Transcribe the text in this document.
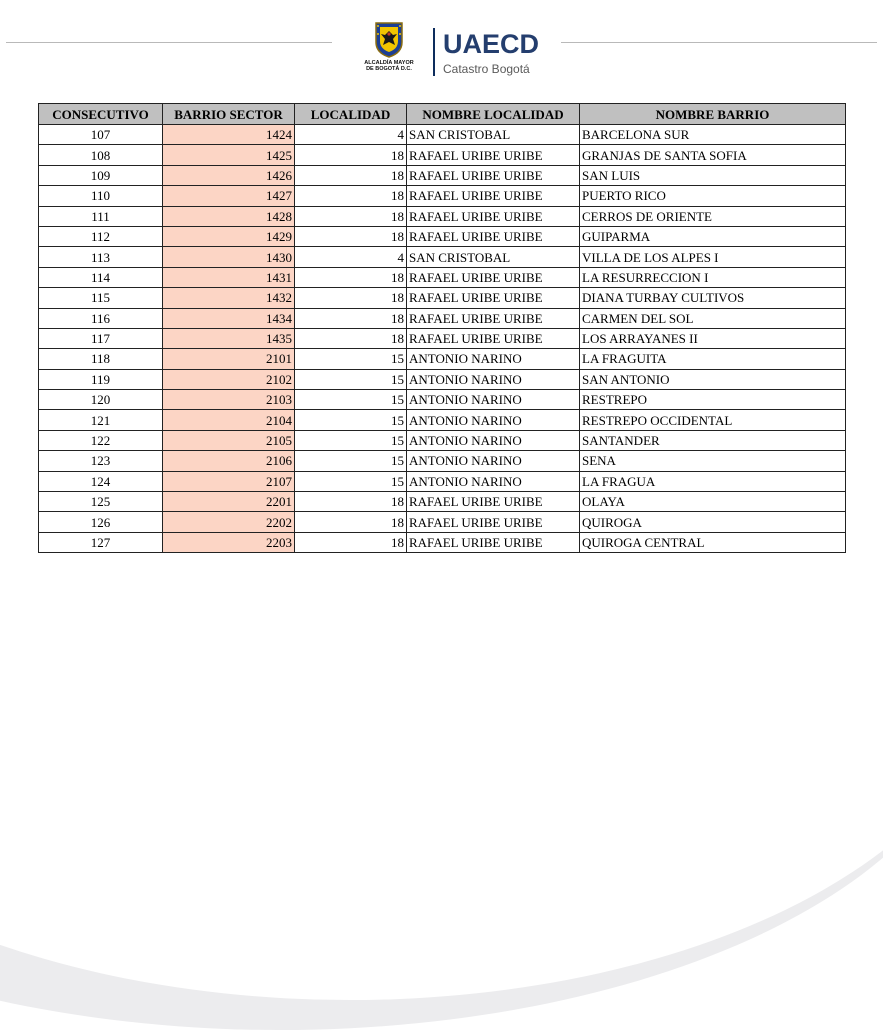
ALCALDÍA MAYOR
DE BOGOTÁ D.C.
UAECD
Catastro Bogotá
CONSECUTIVO	BARRIO SECTOR	LOCALIDAD	NOMBRE LOCALIDAD	NOMBRE BARRIO
107	1424	4	SAN CRISTOBAL	BARCELONA SUR
108	1425	18	RAFAEL URIBE URIBE	GRANJAS DE SANTA SOFIA
109	1426	18	RAFAEL URIBE URIBE	SAN LUIS
110	1427	18	RAFAEL URIBE URIBE	PUERTO RICO
111	1428	18	RAFAEL URIBE URIBE	CERROS DE ORIENTE
112	1429	18	RAFAEL URIBE URIBE	GUIPARMA
113	1430	4	SAN CRISTOBAL	VILLA DE LOS ALPES I
114	1431	18	RAFAEL URIBE URIBE	LA RESURRECCION I
115	1432	18	RAFAEL URIBE URIBE	DIANA TURBAY CULTIVOS
116	1434	18	RAFAEL URIBE URIBE	CARMEN DEL SOL
117	1435	18	RAFAEL URIBE URIBE	LOS ARRAYANES II
118	2101	15	ANTONIO NARINO	LA FRAGUITA
119	2102	15	ANTONIO NARINO	SAN ANTONIO
120	2103	15	ANTONIO NARINO	RESTREPO
121	2104	15	ANTONIO NARINO	RESTREPO OCCIDENTAL
122	2105	15	ANTONIO NARINO	SANTANDER
123	2106	15	ANTONIO NARINO	SENA
124	2107	15	ANTONIO NARINO	LA FRAGUA
125	2201	18	RAFAEL URIBE URIBE	OLAYA
126	2202	18	RAFAEL URIBE URIBE	QUIROGA
127	2203	18	RAFAEL URIBE URIBE	QUIROGA CENTRAL
